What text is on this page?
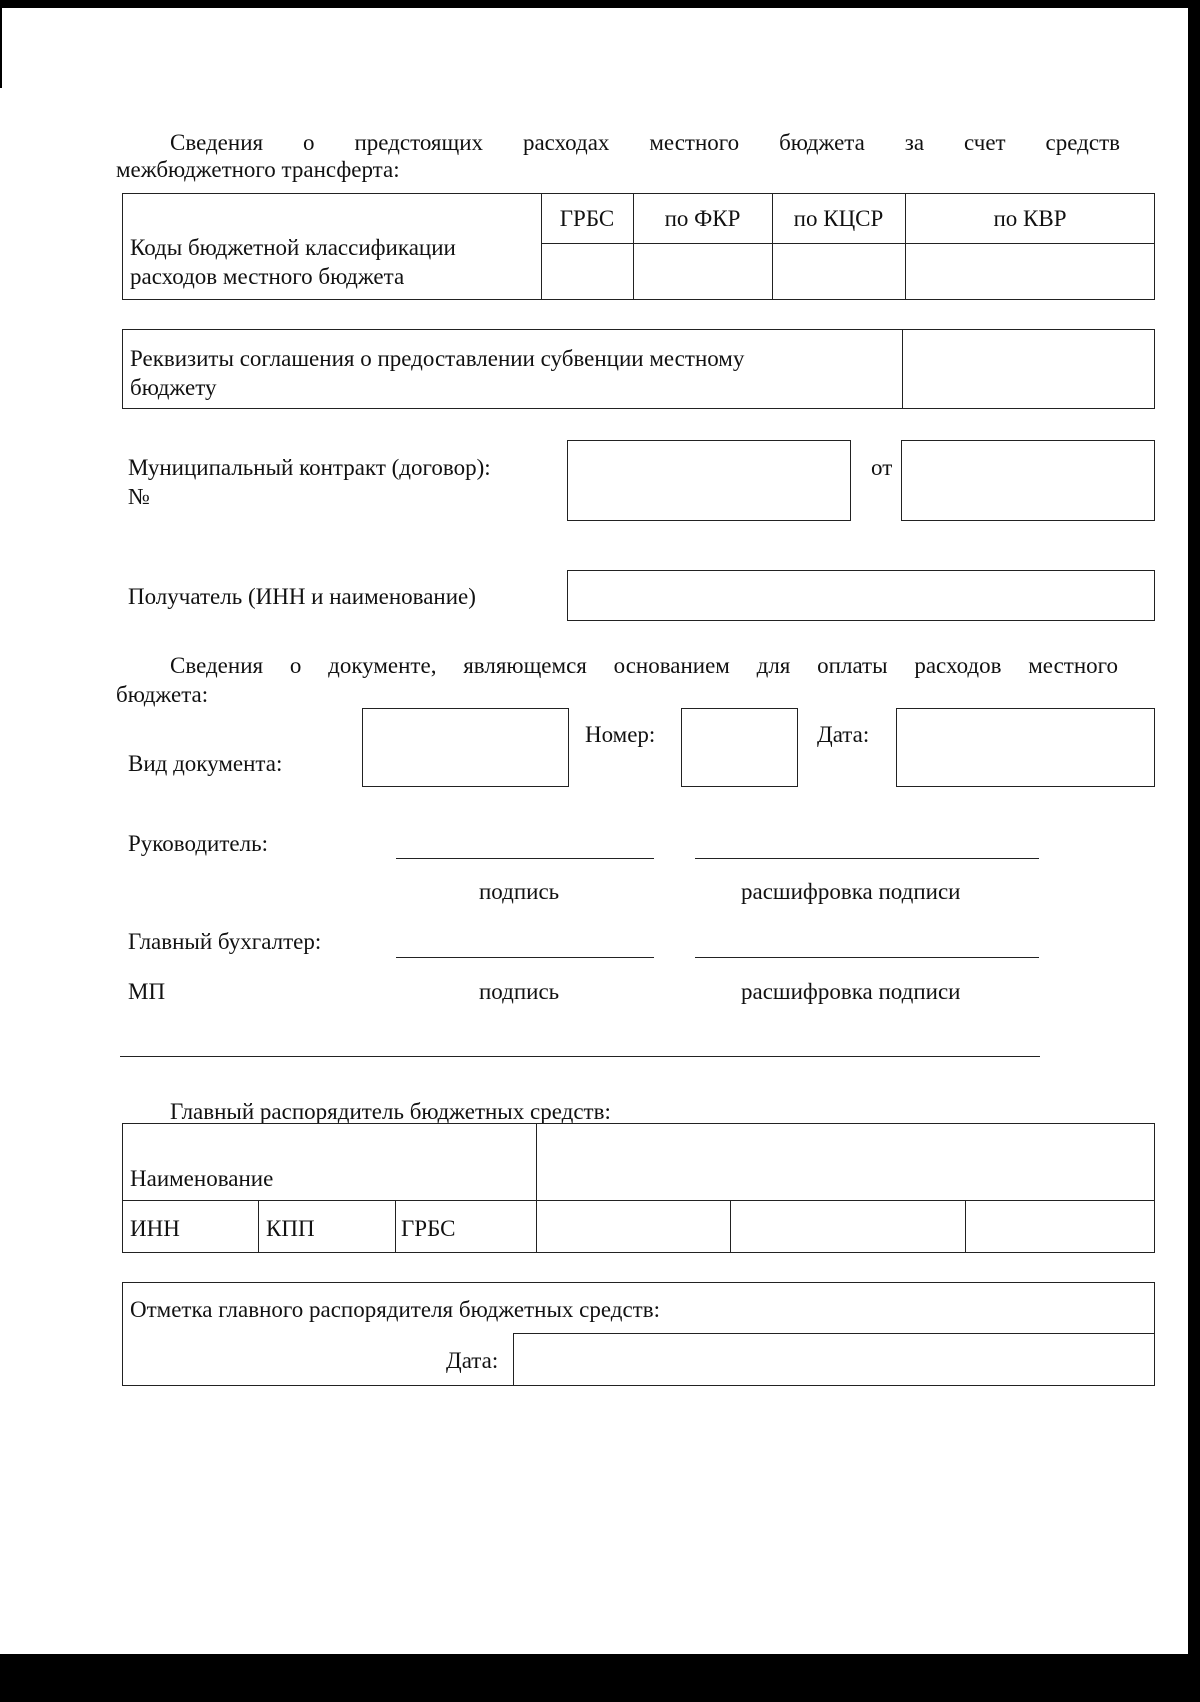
Сведения о предстоящих расходах местного бюджета за счет средств
межбюджетного трансферта:
Коды бюджетной классификации
расходов местного бюджета
ГРБС	по ФКР	по КЦСР	по КВР
Реквизиты соглашения о предоставлении субвенции местному
бюджету
Муниципальный контракт (договор):
№
от
Получатель (ИНН и наименование)
Сведения о документе, являющемся основанием для оплаты расходов местного
бюджета:
Вид документа:
Номер:	Дата:
Руководитель:
подпись	расшифровка подписи
Главный бухгалтер:
МП	подпись	расшифровка подписи
Главный распорядитель бюджетных средств:
Наименование
ИНН	КПП	ГРБС
Отметка главного распорядителя бюджетных средств:
Дата:
